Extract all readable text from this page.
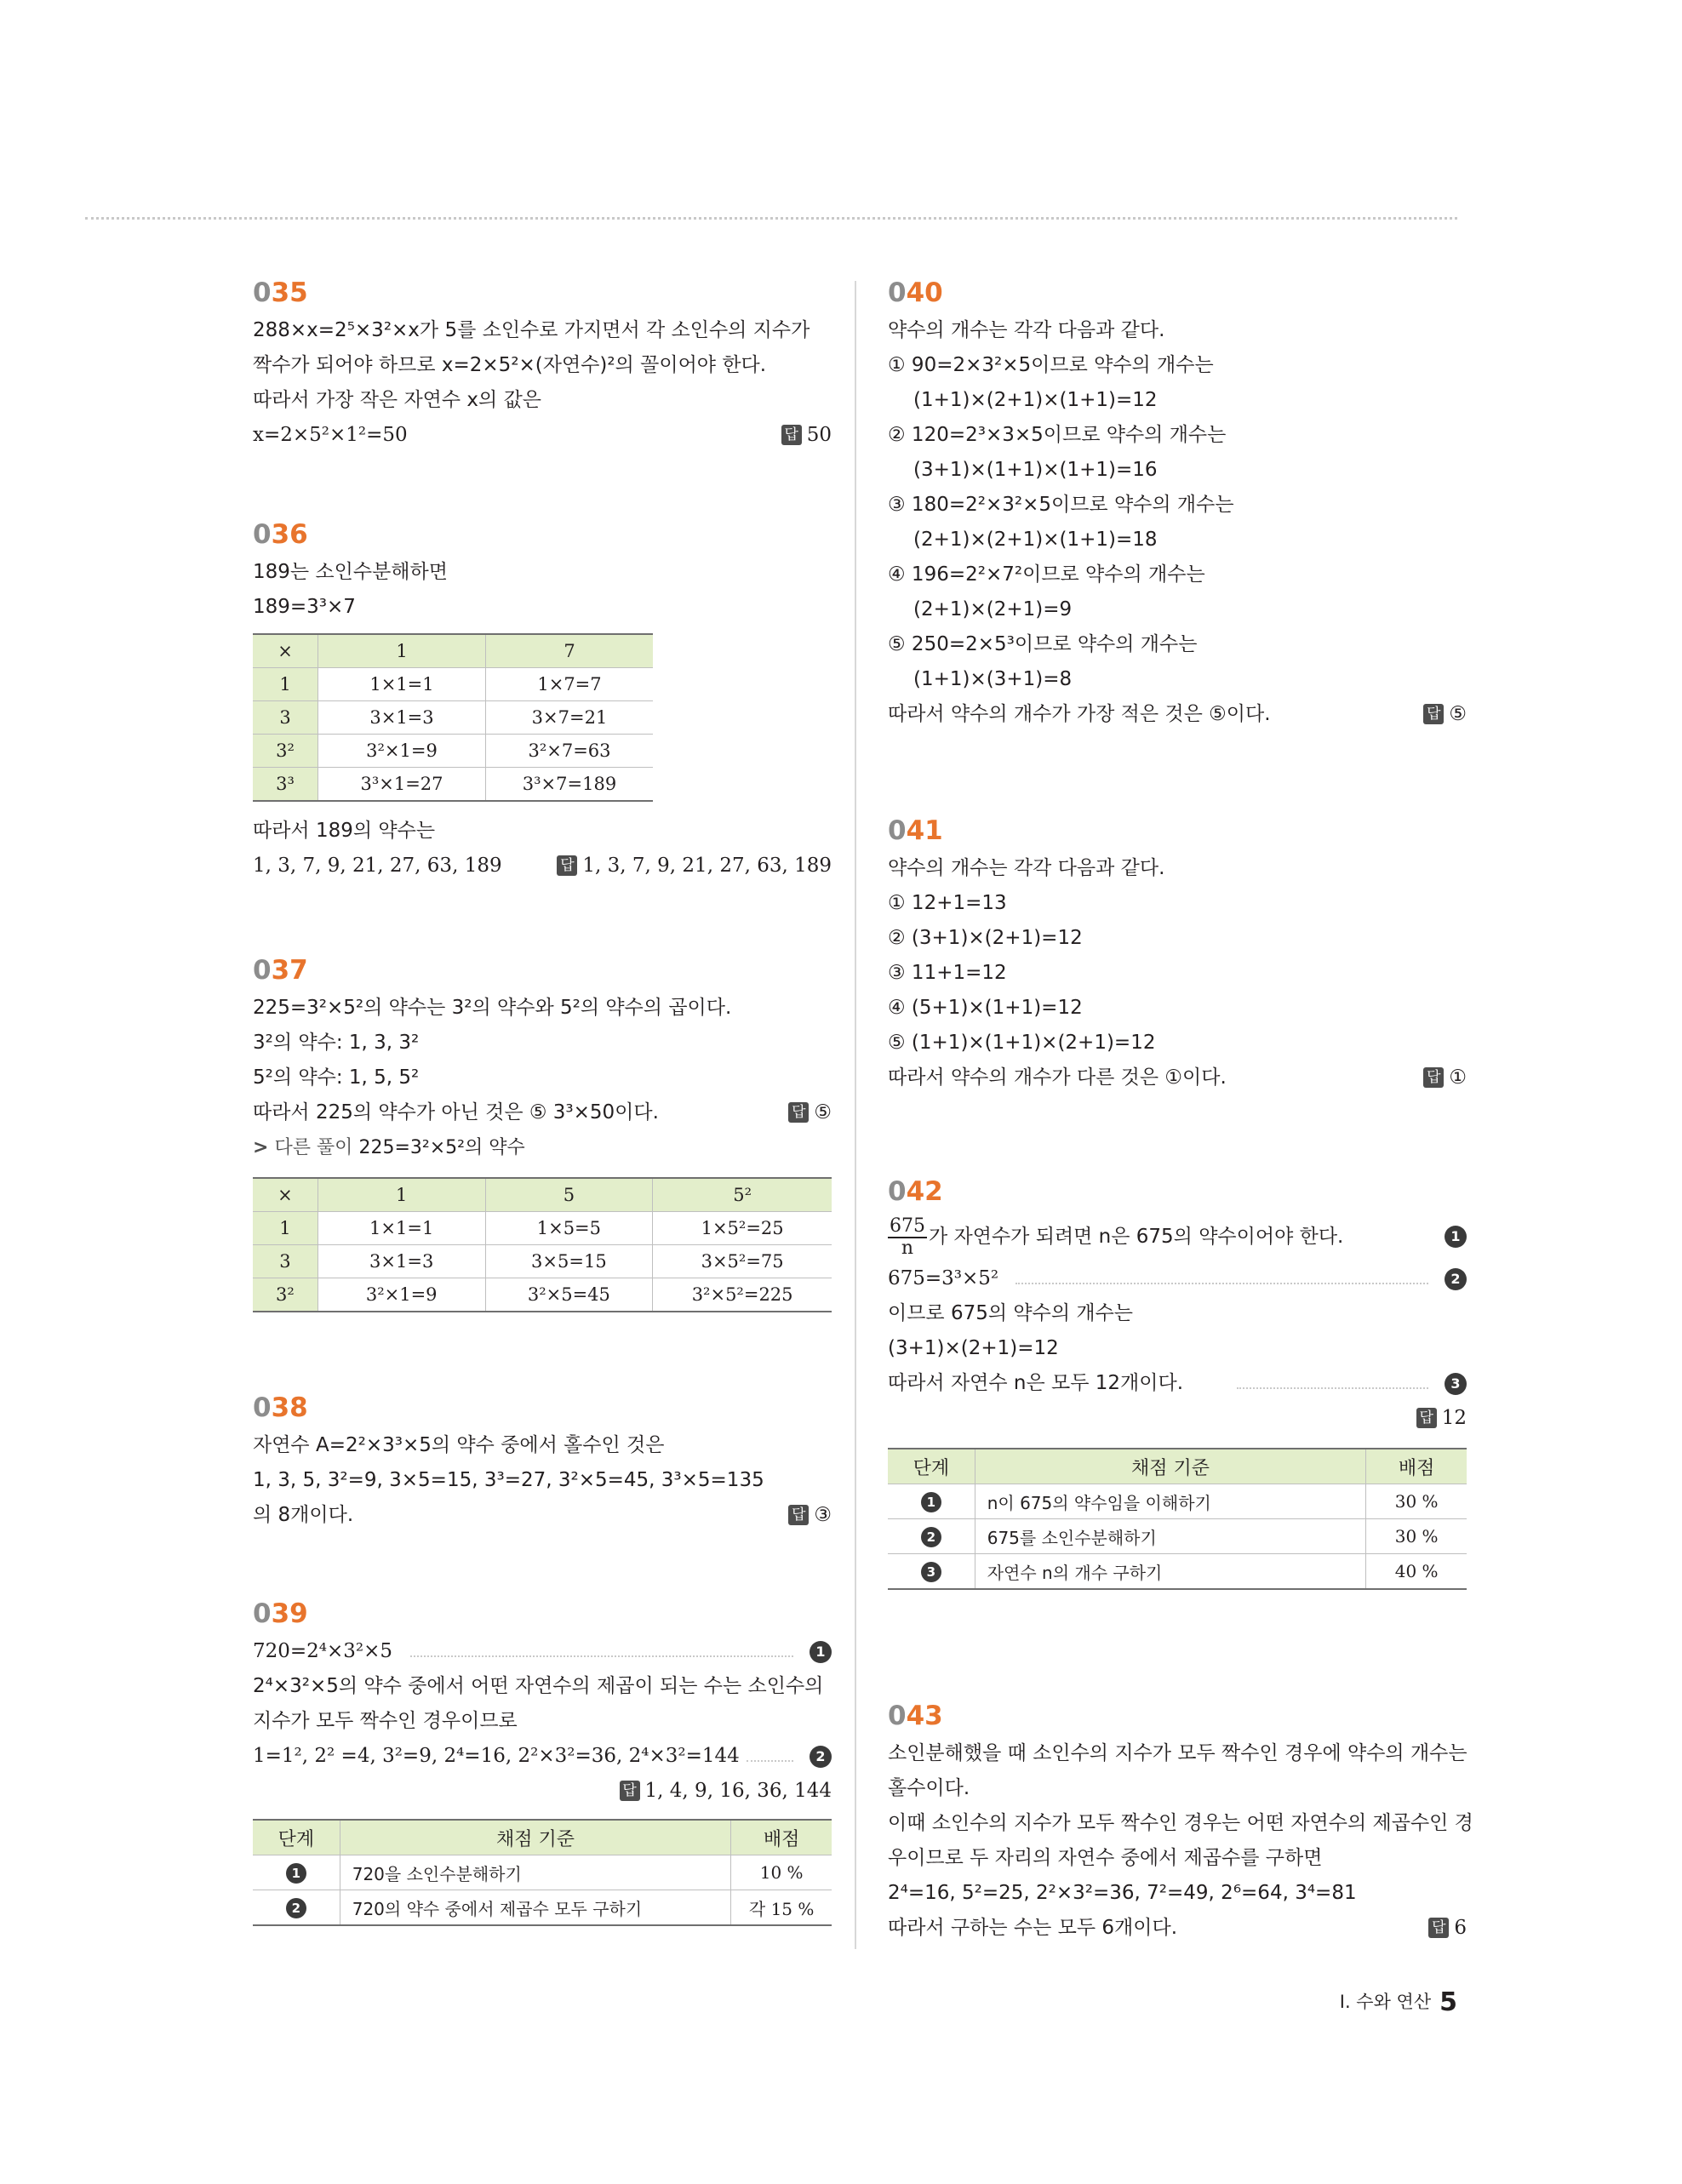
035
288×x=2⁵×3²×x가 5를 소인수로 가지면서 각 소인수의 지수가
짝수가 되어야 하므로 x=2×5²×(자연수)²의 꼴이어야 한다.
따라서 가장 작은 자연수 x의 값은
x=2×5²×1²=50	답 50
036
189는 소인수분해하면
189=3³×7
×	1	7
1	1×1=1	1×7=7
3	3×1=3	3×7=21
3²	3²×1=9	3²×7=63
3³	3³×1=27	3³×7=189
따라서 189의 약수는
1, 3, 7, 9, 21, 27, 63, 189	답 1, 3, 7, 9, 21, 27, 63, 189
037
225=3²×5²의 약수는 3²의 약수와 5²의 약수의 곱이다.
3²의 약수: 1, 3, 3²
5²의 약수: 1, 5, 5²
따라서 225의 약수가 아닌 것은 ⑤ 3³×50이다.	답 ⑤
> 다른 풀이 225=3²×5²의 약수
×	1	5	5²
1	1×1=1	1×5=5	1×5²=25
3	3×1=3	3×5=15	3×5²=75
3²	3²×1=9	3²×5=45	3²×5²=225
038
자연수 A=2²×3³×5의 약수 중에서 홀수인 것은
1, 3, 5, 3²=9, 3×5=15, 3³=27, 3²×5=45, 3³×5=135
의 8개이다.	답 ③
039
720=2⁴×3²×5	1
2⁴×3²×5의 약수 중에서 어떤 자연수의 제곱이 되는 수는 소인수의
지수가 모두 짝수인 경우이므로
1=1², 2² =4, 3²=9, 2⁴=16, 2²×3²=36, 2⁴×3²=144	2
답 1, 4, 9, 16, 36, 144
단계	채점 기준	배점
1	720을 소인수분해하기	10 %
2	720의 약수 중에서 제곱수 모두 구하기	각 15 %
040
약수의 개수는 각각 다음과 같다.
① 90=2×3²×5이므로 약수의 개수는
(1+1)×(2+1)×(1+1)=12
② 120=2³×3×5이므로 약수의 개수는
(3+1)×(1+1)×(1+1)=16
③ 180=2²×3²×5이므로 약수의 개수는
(2+1)×(2+1)×(1+1)=18
④ 196=2²×7²이므로 약수의 개수는
(2+1)×(2+1)=9
⑤ 250=2×5³이므로 약수의 개수는
(1+1)×(3+1)=8
따라서 약수의 개수가 가장 적은 것은 ⑤이다.	답 ⑤
041
약수의 개수는 각각 다음과 같다.
① 12+1=13
② (3+1)×(2+1)=12
③ 11+1=12
④ (5+1)×(1+1)=12
⑤ (1+1)×(1+1)×(2+1)=12
따라서 약수의 개수가 다른 것은 ①이다.	답 ①
042
$\frac{675}{n}$ 가 자연수가 되려면 n은 675의 약수이어야 한다.	1
675=3³×5²	2
이므로 675의 약수의 개수는
(3+1)×(2+1)=12
따라서 자연수 n은 모두 12개이다.	3
답 12
단계	채점 기준	배점
1	n이 675의 약수임을 이해하기	30 %
2	675를 소인수분해하기	30 %
3	자연수 n의 개수 구하기	40 %
043
소인분해했을 때 소인수의 지수가 모두 짝수인 경우에 약수의 개수는
홀수이다.
이때 소인수의 지수가 모두 짝수인 경우는 어떤 자연수의 제곱수인 경
우이므로 두 자리의 자연수 중에서 제곱수를 구하면
2⁴=16, 5²=25, 2²×3²=36, 7²=49, 2⁶=64, 3⁴=81
따라서 구하는 수는 모두 6개이다.	답 6
I. 수와 연산 5
